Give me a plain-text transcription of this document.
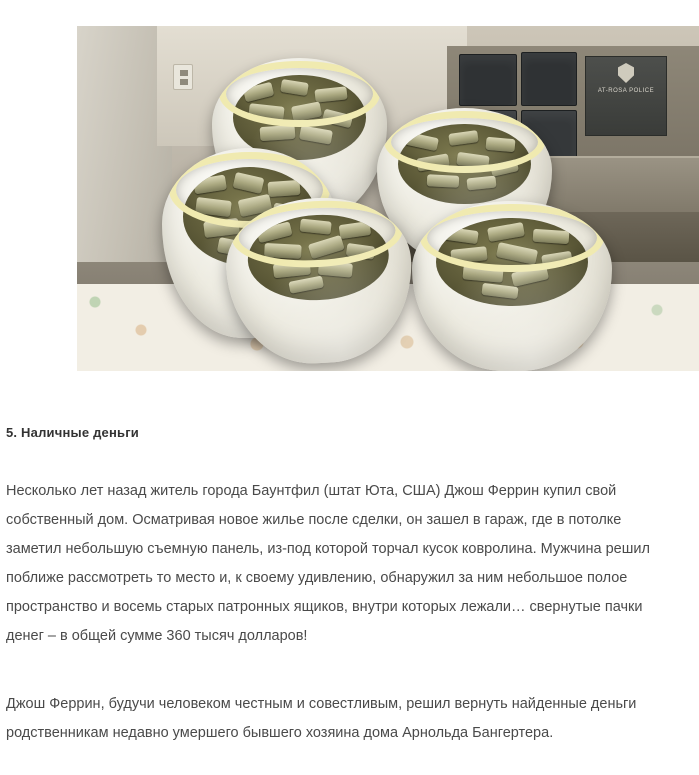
AT-ROSA POLICE
5. Наличные деньги

Несколько лет назад житель города Баунтфил (штат Юта, США) Джош Феррин купил свой собственный дом. Осматривая новое жилье после сделки, он зашел в гараж, где в потолке заметил небольшую съемную панель, из-под которой торчал кусок ковролина. Мужчина решил поближе рассмотреть то место и, к своему удивлению, обнаружил за ним небольшое полое пространство и восемь старых патронных ящиков, внутри которых лежали… свернутые пачки денег – в общей сумме 360 тысяч долларов!

Джош Феррин, будучи человеком честным и совестливым, решил вернуть найденные деньги родственникам недавно умершего бывшего хозяина дома Арнольда Бангертера.
